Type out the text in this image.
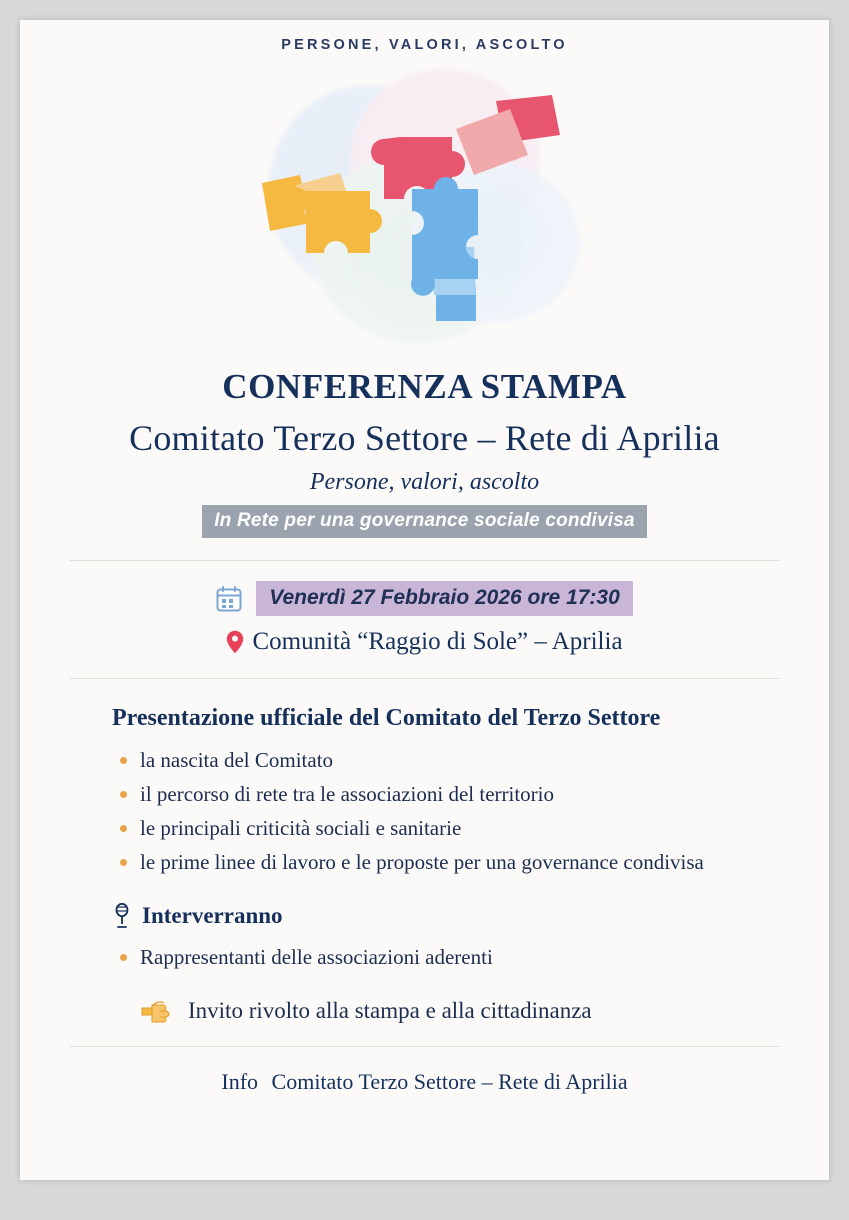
PERSONE, VALORI, ASCOLTO
CONFERENZA STAMPA
Comitato Terzo Settore – Rete di Aprilia
Persone, valori, ascolto
In Rete per una governance sociale condivisa
Venerdì 27 Febbraio 2026 ore 17:30
Comunità “Raggio di Sole” – Aprilia
Presentazione ufficiale del Comitato del Terzo Settore
la nascita del Comitato
il percorso di rete tra le associazioni del territorio
le principali criticità sociali e sanitarie
le prime linee di lavoro e le proposte per una governance condivisa
Interverranno
Rappresentanti delle associazioni aderenti
Invito rivolto alla stampa e alla cittadinanza
Info Comitato Terzo Settore – Rete di Aprilia
